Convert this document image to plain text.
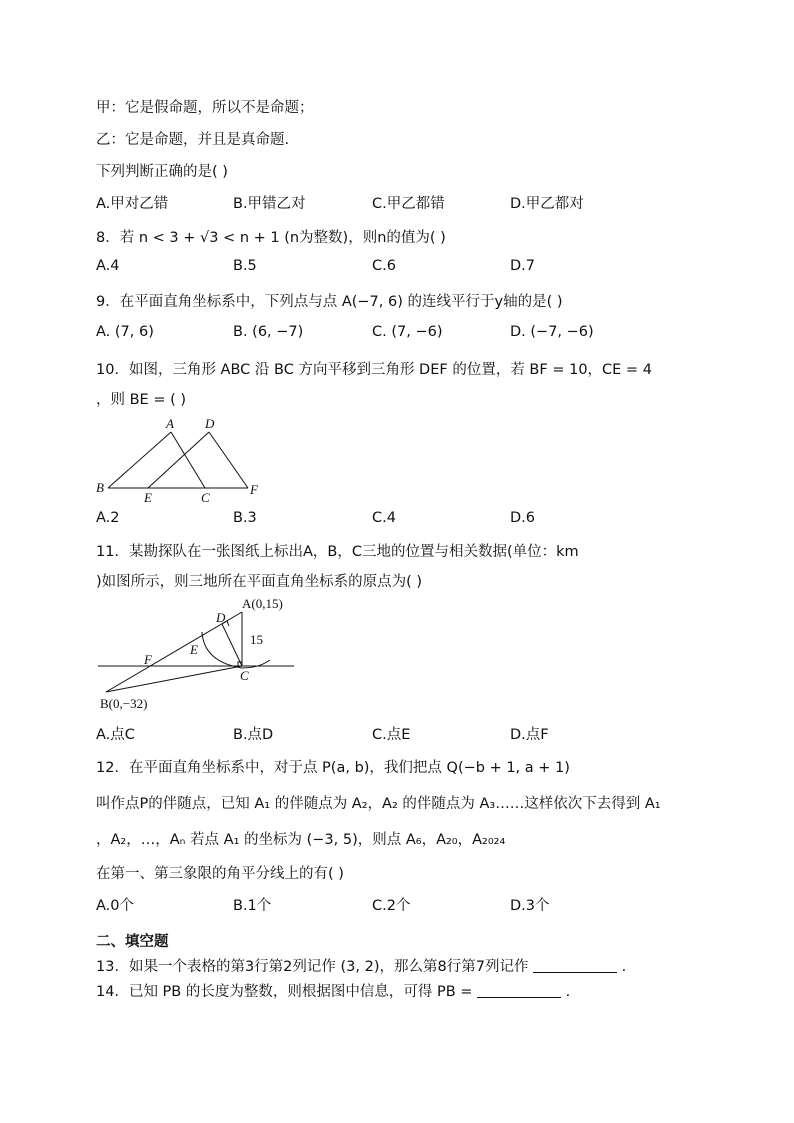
甲：它是假命题，所以不是命题；
乙：它是命题，并且是真命题.
下列判断正确的是( )
A.甲对乙错	B.甲错乙对	C.甲乙都错	D.甲乙都对
8．若 n < 3 + √3 < n + 1 (n为整数)，则n的值为( )
A.4	B.5	C.6	D.7
9．在平面直角坐标系中，下列点与点 A(−7, 6) 的连线平行于y轴的是( )
A. (7, 6)	B. (6, −7)	C. (7, −6)	D. (−7, −6)
10．如图，三角形 ABC 沿 BC 方向平移到三角形 DEF 的位置，若 BF = 10，CE = 4
，则 BE = ( )
A D
B
E	C
F
A.2	B.3	C.4	D.6
11．某勘探队在一张图纸上标出A，B，C三地的位置与相关数据(单位：km
)如图所示，则三地所在平面直角坐标系的原点为( )
A(0,15)
B(0,−32)
C
D
E
F
15
A.点C	B.点D	C.点E	D.点F
12．在平面直角坐标系中，对于点 P(a, b)，我们把点 Q(−b + 1, a + 1)
叫作点P的伴随点，已知 A₁ 的伴随点为 A₂，A₂ 的伴随点为 A₃……这样依次下去得到 A₁
，A₂，…，Aₙ 若点 A₁ 的坐标为 (−3, 5)，则点 A₆，A₂₀，A₂₀₂₄
在第一、第三象限的角平分线上的有( )
A.0个	B.1个	C.2个	D.3个
二、填空题
13．如果一个表格的第3行第2列记作 (3, 2)，那么第8行第7列记作	.
14．已知 PB 的长度为整数，则根据图中信息，可得 PB =	.
